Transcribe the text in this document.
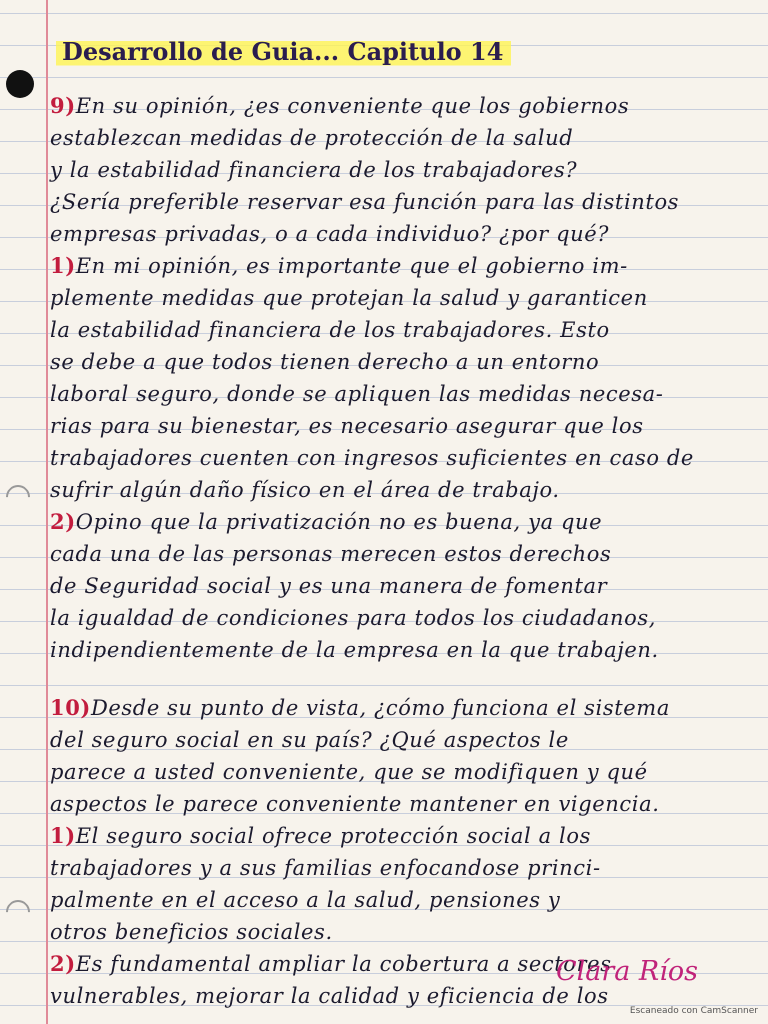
Desarrollo de Guia... Capitulo 14
9)En su opinión, ¿es conveniente que los gobiernos
establezcan medidas de protección de la salud
y la estabilidad financiera de los trabajadores?
¿Sería preferible reservar esa función para las distintos
empresas privadas, o a cada individuo? ¿por qué?
1)En mi opinión, es importante que el gobierno im-
plemente medidas que protejan la salud y garanticen
la estabilidad financiera de los trabajadores. Esto
se debe a que todos tienen derecho a un entorno
laboral seguro, donde se apliquen las medidas necesa-
rias para su bienestar, es necesario asegurar que los
trabajadores cuenten con ingresos suficientes en caso de
sufrir algún daño físico en el área de trabajo.
2)Opino que la privatización no es buena, ya que
cada una de las personas merecen estos derechos
de Seguridad social y es una manera de fomentar
la igualdad de condiciones para todos los ciudadanos,
indipendientemente de la empresa en la que trabajen.
10)Desde su punto de vista, ¿cómo funciona el sistema
del seguro social en su país? ¿Qué aspectos le
parece a usted conveniente, que se modifiquen y qué
aspectos le parece conveniente mantener en vigencia.
1)El seguro social ofrece protección social a los
trabajadores y a sus familias enfocandose princi-
palmente en el acceso a la salud, pensiones y
otros beneficios sociales.
2)Es fundamental ampliar la cobertura a sectores
vulnerables, mejorar la calidad y eficiencia de los
Clara Ríos
Escaneado con CamScanner
